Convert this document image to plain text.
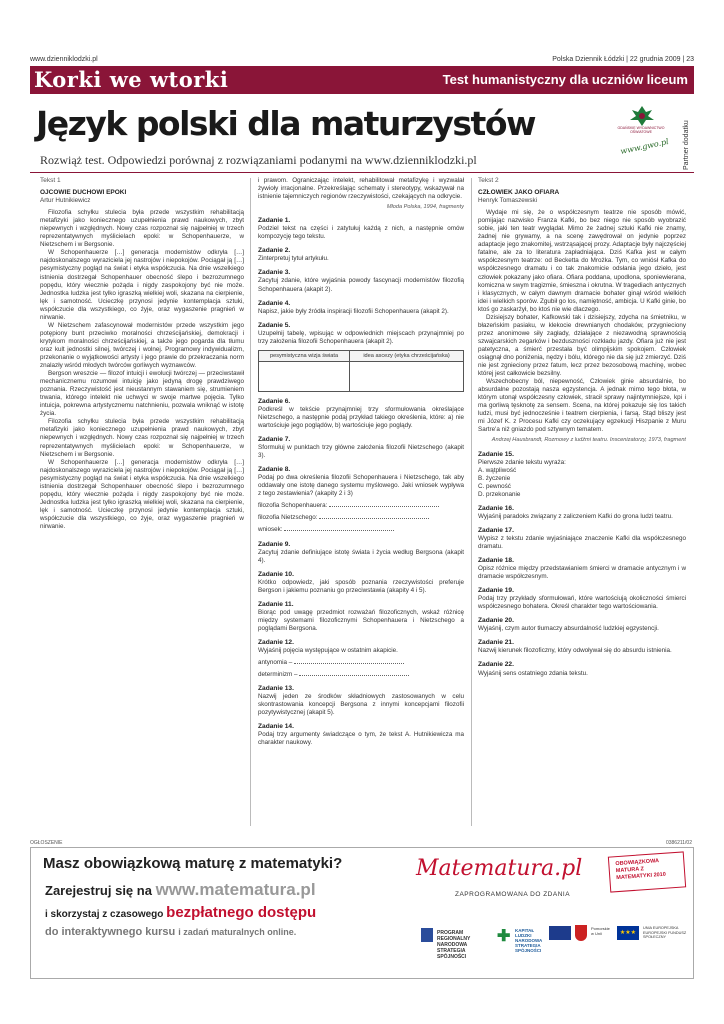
www.dzienniklodzki.pl	Polska Dziennik Łódzki | 22 grudnia 2009 | 23
Korki we wtorki	Test humanistyczny dla uczniów liceum
Język polski dla maturzystów
Rozwiąż test. Odpowiedzi porównaj z rozwiązaniami podanymi na www.dzienniklodzki.pl
GDAŃSKIE WYDAWNICTWO OŚWIATOWE
www.gwo.pl Partner dodatku
Tekst 1
OJCOWIE DUCHOWI EPOKI
Artur Hutnikiewicz

Filozofia schyłku stulecia była przede wszystkim rehabilitacją metafizyki jako koniecznego uzupełnienia prawd naukowych, zbyt niepewnych i względnych. Nowy czas rozpoznał się najpełniej w trzech reprezentatywnych myślicielach epoki: w Schopenhauerze, w Nietzschem i w Bergsonie.

W Schopenhauerze […] generacja modernistów odkryła […] najdoskonalszego wyraziciela jej nastrojów i niepokojów. Pociągał ją […] pesymistyczny pogląd na świat i etyka współczucia. Na dnie wszelkiego istnienia dostrzegał Schopenhauer obecność ślepo i bezrozumnego popędu, który wiecznie pożąda i nigdy zaspokojony być nie może. Jednostka ludzka jest tylko igraszką wielkiej woli, skazana na cierpienie, lęk i samotność. Ucieczkę przynosi jedynie kontemplacja sztuki, współczucie dla wszystkiego, co żyje, oraz wygaszenie pragnień w nirwanie.

W Nietzschem zafascynował modernistów przede wszystkim jego potępiony bunt przeciwko moralności chrześcijańskiej, demokracji i krytykom moralności chrześcijańskiej, a także jego pogarda dla tłumu oraz kult jednostki silnej, twórczej i wolnej. Programowy indywidualizm, przekonanie o wyjątkowości artysty i jego prawie do przekraczania norm znalazły wśród młodych twórców gorliwych wyznawców.

Bergson wreszcie — filozof intuicji i ewolucji twórczej — przeciwstawił mechanicznemu rozumowi intuicję jako jedyną drogę prawdziwego poznania. Rzeczywistość jest nieustannym stawaniem się, strumieniem trwania, którego intelekt nie uchwyci w swoje martwe pojęcia. Tylko intuicja, pokrewna artystycznemu natchnieniu, pozwala wniknąć w istotę życia.

Filozofia schyłku stulecia była przede wszystkim rehabilitacją metafizyki jako koniecznego uzupełnienia prawd naukowych, zbyt niepewnych i względnych. Nowy czas rozpoznał się najpełniej w trzech reprezentatywnych myślicielach epoki: w Schopenhauerze, w Nietzschem i w Bergsonie.

W Schopenhauerze […] generacja modernistów odkryła […] najdoskonalszego wyraziciela jej nastrojów i niepokojów. Pociągał ją […] pesymistyczny pogląd na świat i etyka współczucia. Na dnie wszelkiego istnienia dostrzegał Schopenhauer obecność ślepo i bezrozumnego popędu, który wiecznie pożąda i nigdy zaspokojony być nie może. Jednostka ludzka jest tylko igraszką wielkiej woli, skazana na cierpienie, lęk i samotność. Ucieczkę przynosi jedynie kontemplacja sztuki, współczucie dla wszystkiego, co żyje, oraz wygaszenie pragnień w nirwanie.

i prawom. Ograniczając intelekt, rehabilitował metafizykę i wyzwalał żywioły irracjonalne. Przekreślając schematy i stereotypy, wskazywał na istnienie tajemniczych regionów rzeczywistości, czekających na odkrycie.

Młoda Polska, 1994, fragmenty
Zadanie 1.
Podziel tekst na części i zatytułuj każdą z nich, a następnie omów kompozycję tego tekstu.
Zadanie 2.
Zinterpretuj tytuł artykułu.
Zadanie 3.
Zacytuj zdanie, które wyjaśnia powody fascynacji modernistów filozofią Schopenhauera (akapit 2).
Zadanie 4.
Napisz, jakie były źródła inspiracji filozofii Schopenhauera (akapit 2).
Zadanie 5.
Uzupełnij tabelę, wpisując w odpowiednich miejscach przynajmniej po trzy założenia filozofii Schopenhauera (akapit 2).
pesymistyczna wizja świata	idea ascezy (etyka chrześcijańska)

Zadanie 6.
Podkreśl w tekście przynajmniej trzy sformułowania określające Nietzschego, a następnie podaj przykład takiego określenia, które: a) nie wartościuje jego poglądów, b) wartościuje jego poglądy.
Zadanie 7.
Sformułuj w punktach trzy główne założenia filozofii Nietzschego (akapit 3).
Zadanie 8.
Podaj po dwa określenia filozofii Schopenhauera i Nietzschego, tak aby oddawały one istotę danego systemu myślowego. Jaki wniosek wypływa z tego zestawienia? (akapity 2 i 3)
filozofia Schopenhauera:
filozofia Nietzschego:
wniosek:
Zadanie 9.
Zacytuj zdanie definiujące istotę świata i życia według Bergsona (akapit 4).
Zadanie 10.
Krótko odpowiedz, jaki sposób poznania rzeczywistości preferuje Bergson i jakiemu poznaniu go przeciwstawia (akapity 4 i 5).
Zadanie 11.
Biorąc pod uwagę przedmiot rozważań filozoficznych, wskaż różnicę między systemami filozoficznymi Schopenhauera i Nietzschego a poglądami Bergsona.
Zadanie 12.
Wyjaśnij pojęcia występujące w ostatnim akapicie.
antynomia –
determinizm –
Zadanie 13.
Nazwij jeden ze środków składniowych zastosowanych w celu skontrastowania koncepcji Bergsona z innymi koncepcjami filozofii pozytywistycznej (akapit 5).
Zadanie 14.
Podaj trzy argumenty świadczące o tym, że tekst A. Hutnikiewicza ma charakter naukowy.
Tekst 2
CZŁOWIEK JAKO OFIARA
Henryk Tomaszewski

Wydaje mi się, że o współczesnym teatrze nie sposób mówić, pomijając nazwisko Franza Kafki, bo bez niego nie sposób wyobrazić sobie, jaki ten teatr wyglądał. Mimo że żadnej sztuki Kafki nie znamy, żadnej nie grywamy, a na scenę zawędrował on jedynie poprzez adaptacje jego znakomitej, wstrząsającej prozy. Adaptacje były najczęściej fatalne, ale za to literatura zapładniająca. Dziś Kafka jest w całym współczesnym teatrze: od Becketta do Mrożka. Tym, co wniósł Kafka do współczesnego dramatu i co tak znakomicie odsłania jego dzieło, jest człowiek pokazany jako ofiara. Ofiara poddana, upodlona, sponiewierana, komiczna w swym tragizmie, śmieszna i okrutna. W tragediach antycznych i klasycznych, w całym dawnym dramacie bohater ginął wśród wielkich idei i wielkich sporów. Zgubił go los, namiętność, ambicja. U Kafki ginie, bo ktoś go zaskarżył, bo ktoś nie wie dlaczego.

Dzisiejszy bohater, Kafkowski tak i dzisiejszy, zdycha na śmietniku, w błazeńskim pasiaku, w klekocie drewnianych chodaków, przygnieciony przez anonimowe siły zagłady, działające z niezawodną sprawnością szwajcarskich zegarków i bezduszności rozkładu jazdy. Ofiara już nie jest patetyczna, a śmierć przestała być olimpijskim spokojem. Człowiek osiągnął dno poniżenia, nędzy i bólu, którego nie da się już zmierzyć. Dziś nie jest zgnieciony przez fatum, lecz przez bezosobową machinę, wobec której jest całkowicie bezsilny.

Wszechobecny ból, niepewność, Człowiek ginie absurdalnie, bo absurdalne pozostają nasza egzystencja. A jednak mimo tego błota, w którym utonął współczesny człowiek, stracił sprawy najintymniejsze, kpi i ma gorliwą tęsknotę za sensem. Scena, na której pokazuje się los takich ludzi, musi być jednocześnie i teatrem cierpienia, i farsą. Stąd bliszy jest mi Józef K. z Procesu Kafki czy oczekujący egzekucji Hiszpanie z Muru Sartre'a niż gniazdo pod sztywnym tematem.

Andrzej Hausbrandt, Rozmowy z ludźmi teatru. Inscenizatorzy, 1973, fragment
Zadanie 15.
Pierwsze zdanie tekstu wyraża:
A. wątpliwość
B. życzenie
C. pewność
D. przekonanie
Zadanie 16.
Wyjaśnij paradoks związany z zaliczeniem Kafki do grona ludzi teatru.
Zadanie 17.
Wypisz z tekstu zdanie wyjaśniające znaczenie Kafki dla współczesnego dramatu.
Zadanie 18.
Opisz różnice między przedstawianiem śmierci w dramacie antycznym i w dramacie współczesnym.
Zadanie 19.
Podaj trzy przykłady sformułowań, które wartościują okoliczności śmierci współczesnego bohatera. Określ charakter tego wartościowania.
Zadanie 20.
Wyjaśnij, czym autor tłumaczy absurdalność ludzkiej egzystencji.
Zadanie 21.
Nazwij kierunek filozoficzny, który odwoływał się do absurdu istnienia.
Zadanie 22.
Wyjaśnij sens ostatniego zdania tekstu.
OGŁOSZENIE	0386211/02
Masz obowiązkową maturę z matematyki?
Zarejestruj się na www.matematura.pl
i skorzystaj z czasowego bezpłatnego dostępu
do interaktywnego kursu i zadań maturalnych online.
Matematura.pl
ZAPROGRAMOWANA DO ZDANIA
OBOWIĄZKOWA MATURA Z MATEMATYKI 2010
PROGRAM REGIONALNY NARODOWA STRATEGIA SPÓJNOŚCI
✚ KAPITAŁ LUDZKI NARODOWA STRATEGIA SPÓJNOŚCI
Pomorskie w Unii	★★★
UNIA EUROPEJSKA EUROPEJSKI FUNDUSZ SPOŁECZNY
